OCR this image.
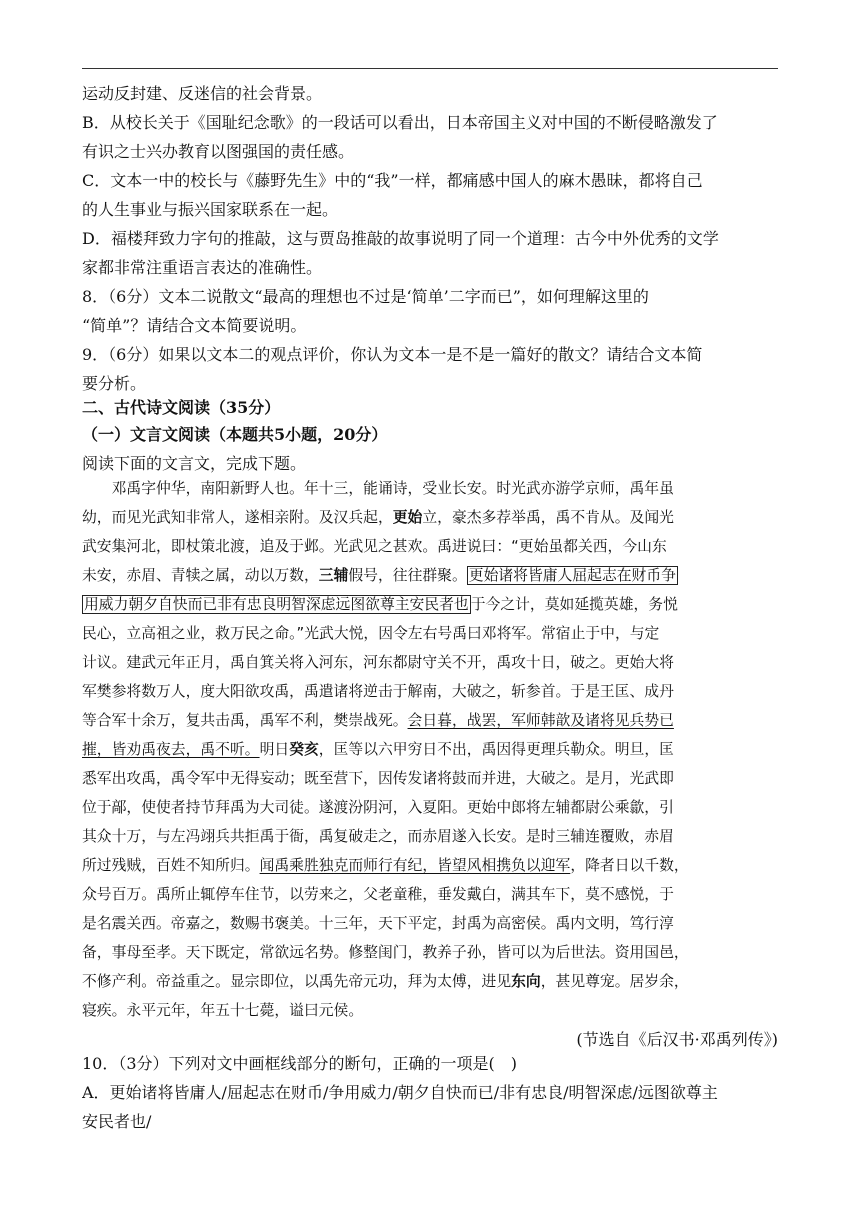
运动反封建、反迷信的社会背景。
B．从校长关于《国耻纪念歌》的一段话可以看出，日本帝国主义对中国的不断侵略激发了
有识之士兴办教育以图强国的责任感。
C．文本一中的校长与《藤野先生》中的“我”一样，都痛感中国人的麻木愚昧，都将自己
的人生事业与振兴国家联系在一起。
D．福楼拜致力字句的推敲，这与贾岛推敲的故事说明了同一个道理：古今中外优秀的文学
家都非常注重语言表达的准确性。
8．（6分）文本二说散文“最高的理想也不过是‘简单’二字而已”，如何理解这里的
“简单”？请结合文本简要说明。
9．（6分）如果以文本二的观点评价，你认为文本一是不是一篇好的散文？请结合文本简
要分析。
二、古代诗文阅读（35分）
（一）文言文阅读（本题共5小题，20分）
阅读下面的文言文，完成下题。
　　邓禹字仲华，南阳新野人也。年十三，能诵诗，受业长安。时光武亦游学京师，禹年虽
幼，而见光武知非常人，遂相亲附。及汉兵起，更始立，豪杰多荐举禹，禹不肯从。及闻光
武安集河北，即杖策北渡，追及于邺。光武见之甚欢。禹进说曰：“更始虽都关西，今山东
未安，赤眉、青犊之属，动以万数，三辅假号，往往群聚。 更始诸将皆庸人屈起志在财币争
用威力朝夕自快而已非有忠良明智深虑远图欲尊主安民者也 于今之计，莫如延揽英雄，务悦
民心，立高祖之业，救万民之命。”光武大悦，因令左右号禹曰邓将军。常宿止于中，与定
计议。建武元年正月，禹自箕关将入河东，河东都尉守关不开，禹攻十日，破之。更始大将
军樊参将数万人，度大阳欲攻禹，禹遣诸将逆击于解南，大破之，斩参首。于是王匡、成丹
等合军十余万，复共击禹，禹军不利，樊崇战死。会日暮，战罢，军师韩歆及诸将见兵势已
摧，皆劝禹夜去，禹不听。明日癸亥，匡等以六甲穷日不出，禹因得更理兵勒众。明旦，匡
悉军出攻禹，禹令军中无得妄动；既至营下，因传发诸将鼓而并进，大破之。是月，光武即
位于鄗，使使者持节拜禹为大司徒。遂渡汾阴河，入夏阳。更始中郎将左辅都尉公乘歙，引
其众十万，与左冯翊兵共拒禹于衙，禹复破走之，而赤眉遂入长安。是时三辅连覆败，赤眉
所过残贼，百姓不知所归。闻禹乘胜独克而师行有纪，皆望风相携负以迎军，降者日以千数，
众号百万。禹所止辄停车住节，以劳来之，父老童稚，垂发戴白，满其车下，莫不感悦，于
是名震关西。帝嘉之，数赐书褒美。十三年，天下平定，封禹为高密侯。禹内文明，笃行淳
备，事母至孝。天下既定，常欲远名势。修整闺门，教养子孙，皆可以为后世法。资用国邑，
不修产利。帝益重之。显宗即位，以禹先帝元功，拜为太傅，进见东向，甚见尊宠。居岁余，
寝疾。永平元年，年五十七薨，谥曰元侯。
(节选自《后汉书·邓禹列传》)
10．（3分）下列对文中画框线部分的断句，正确的一项是(　)
A．更始诸将皆庸人/屈起志在财币/争用威力/朝夕自快而已/非有忠良/明智深虑/远图欲尊主
安民者也/
